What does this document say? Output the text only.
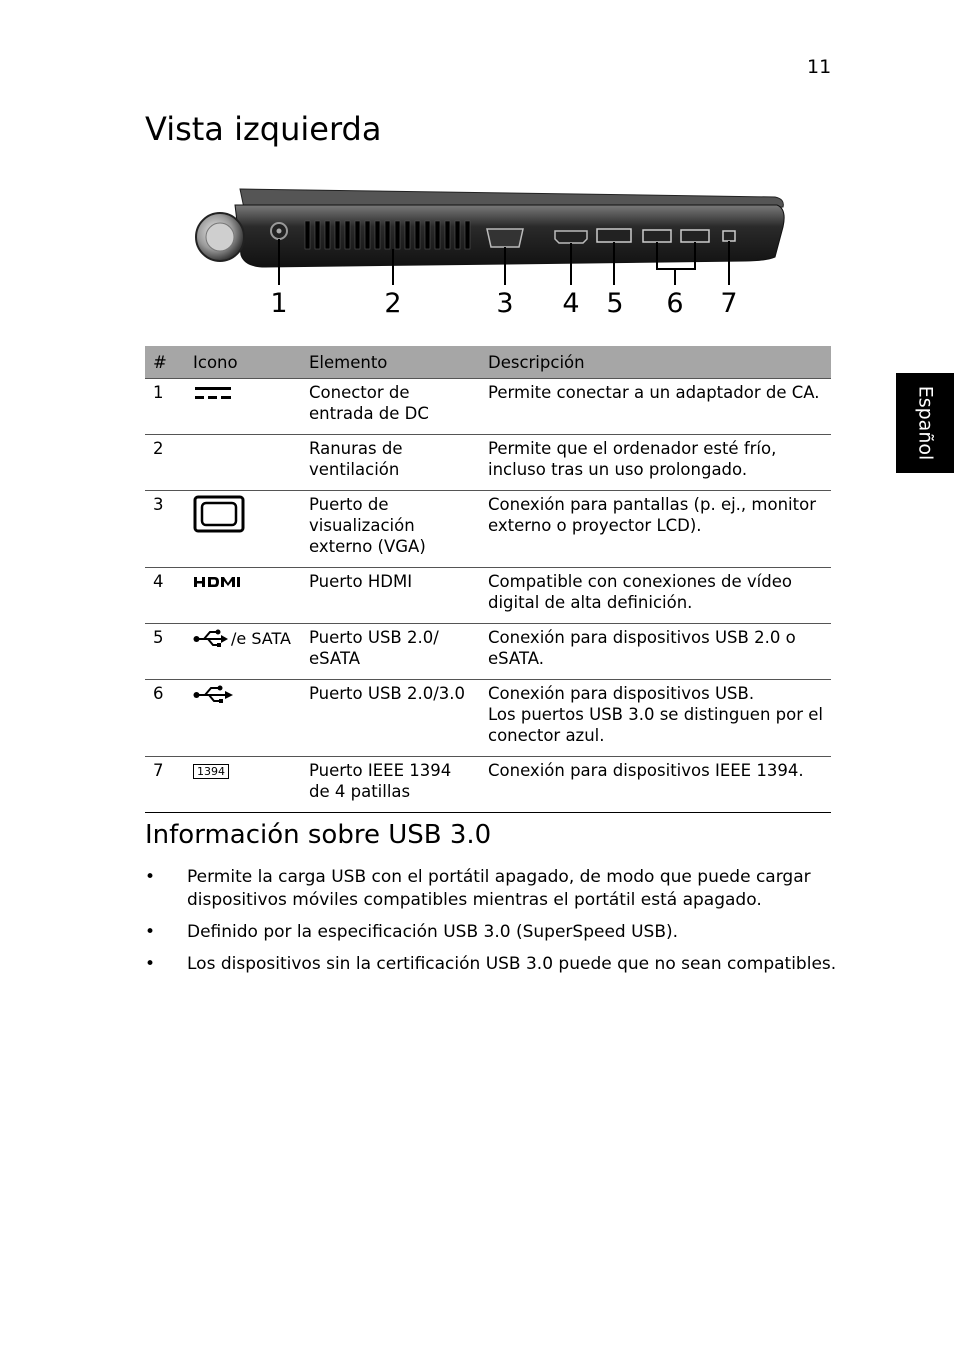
11
Español
Vista izquierda
1	2	3 4 5 6 7
#	Icono	Elemento	Descripción
1		Conector de entrada de DC	Permite conectar a un adaptador de CA.
2		Ranuras de ventilación	Permite que el ordenador esté frío, incluso tras un uso prolongado.
3		Puerto de visualización externo (VGA)	Conexión para pantallas (p. ej., monitor externo o proyector LCD).
4		Puerto HDMI	Compatible con conexiones de vídeo digital de alta definición.
5	/e SATA	Puerto USB 2.0/ eSATA	Conexión para dispositivos USB 2.0 o eSATA.
6		Puerto USB 2.0/3.0	Conexión para dispositivos USB.
Los puertos USB 3.0 se distinguen por el conector azul.
7	1394	Puerto IEEE 1394 de 4 patillas	Conexión para dispositivos IEEE 1394.
Información sobre USB 3.0
• Permite la carga USB con el portátil apagado, de modo que puede cargar dispositivos móviles compatibles mientras el portátil está apagado.
• Definido por la especificación USB 3.0 (SuperSpeed USB).
• Los dispositivos sin la certificación USB 3.0 puede que no sean compatibles.
